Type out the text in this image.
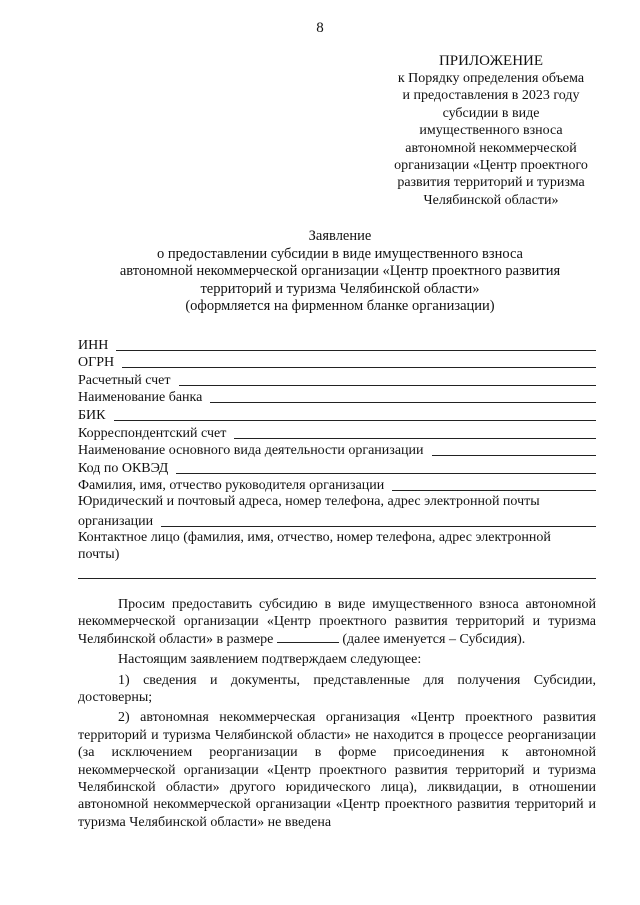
8
ПРИЛОЖЕНИЕ
к Порядку определения объема
и предоставления в 2023 году
субсидии в виде
имущественного взноса
автономной некоммерческой
организации «Центр проектного
развития территорий и туризма
Челябинской области»
Заявление
о предоставлении субсидии в виде имущественного взноса
автономной некоммерческой организации «Центр проектного развития
территорий и туризма Челябинской области»
(оформляется на фирменном бланке организации)
ИНН
ОГРН
Расчетный счет
Наименование банка
БИК
Корреспондентский счет
Наименование основного вида деятельности организации
Код по ОКВЭД
Фамилия, имя, отчество руководителя организации
Юридический и почтовый адреса, номер телефона, адрес электронной почты
организации
Контактное лицо (фамилия, имя, отчество, номер телефона, адрес электронной
почты)

Просим предоставить субсидию в виде имущественного взноса автономной некоммерческой организации «Центр проектного развития территорий и туризма Челябинской области» в размере	(далее именуется – Субсидия).

Настоящим заявлением подтверждаем следующее:

1) сведения и документы, представленные для получения Субсидии, достоверны;

2) автономная некоммерческая организация «Центр проектного развития территорий и туризма Челябинской области» не находится в процессе реорганизации (за исключением реорганизации в форме присоединения к автономной некоммерческой организации «Центр проектного развития территорий и туризма Челябинской области» другого юридического лица), ликвидации, в отношении автономной некоммерческой организации «Центр проектного развития территорий и туризма Челябинской области» не введена
